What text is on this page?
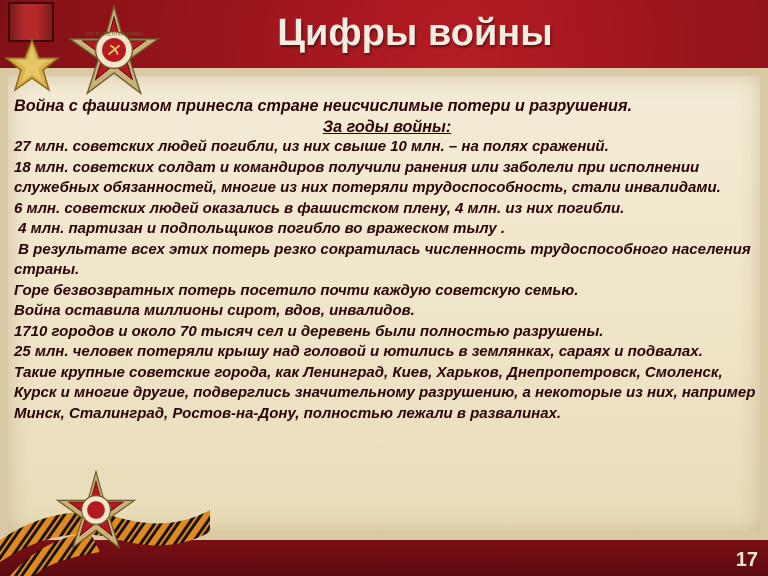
ОТЕЧЕСТВЕННАЯ ВОЙНА	Цифры войны

Война с фашизмом принесла стране неисчислимые потери и разрушения.

За годы войны:

27 млн. советских людей погибли, из них свыше 10 млн. – на полях сражений.

18 млн. советских солдат и командиров получили ранения или заболели при исполнении служебных обязанностей, многие из них потеряли трудоспособность, стали инвалидами.

6 млн. советских людей оказались в фашистском плену, 4 млн. из них погибли.

4 млн. партизан и подпольщиков погибло во вражеском тылу .

В результате всех этих потерь резко сократилась численность трудоспособного населения страны.

Горе безвозвратных потерь посетило почти каждую советскую семью.

Война оставила миллионы сирот, вдов, инвалидов.

1710 городов и около 70 тысяч сел и деревень были полностью разрушены.

25 млн. человек потеряли крышу над головой и ютились в землянках, сараях и подвалах.

Такие крупные советские города, как Ленинград, Киев, Харьков, Днепропетровск, Смоленск, Курск и многие другие, подверглись значительному разрушению, а некоторые из них, например Минск, Сталинград, Ростов-на-Дону, полностью лежали в развалинах.

17
